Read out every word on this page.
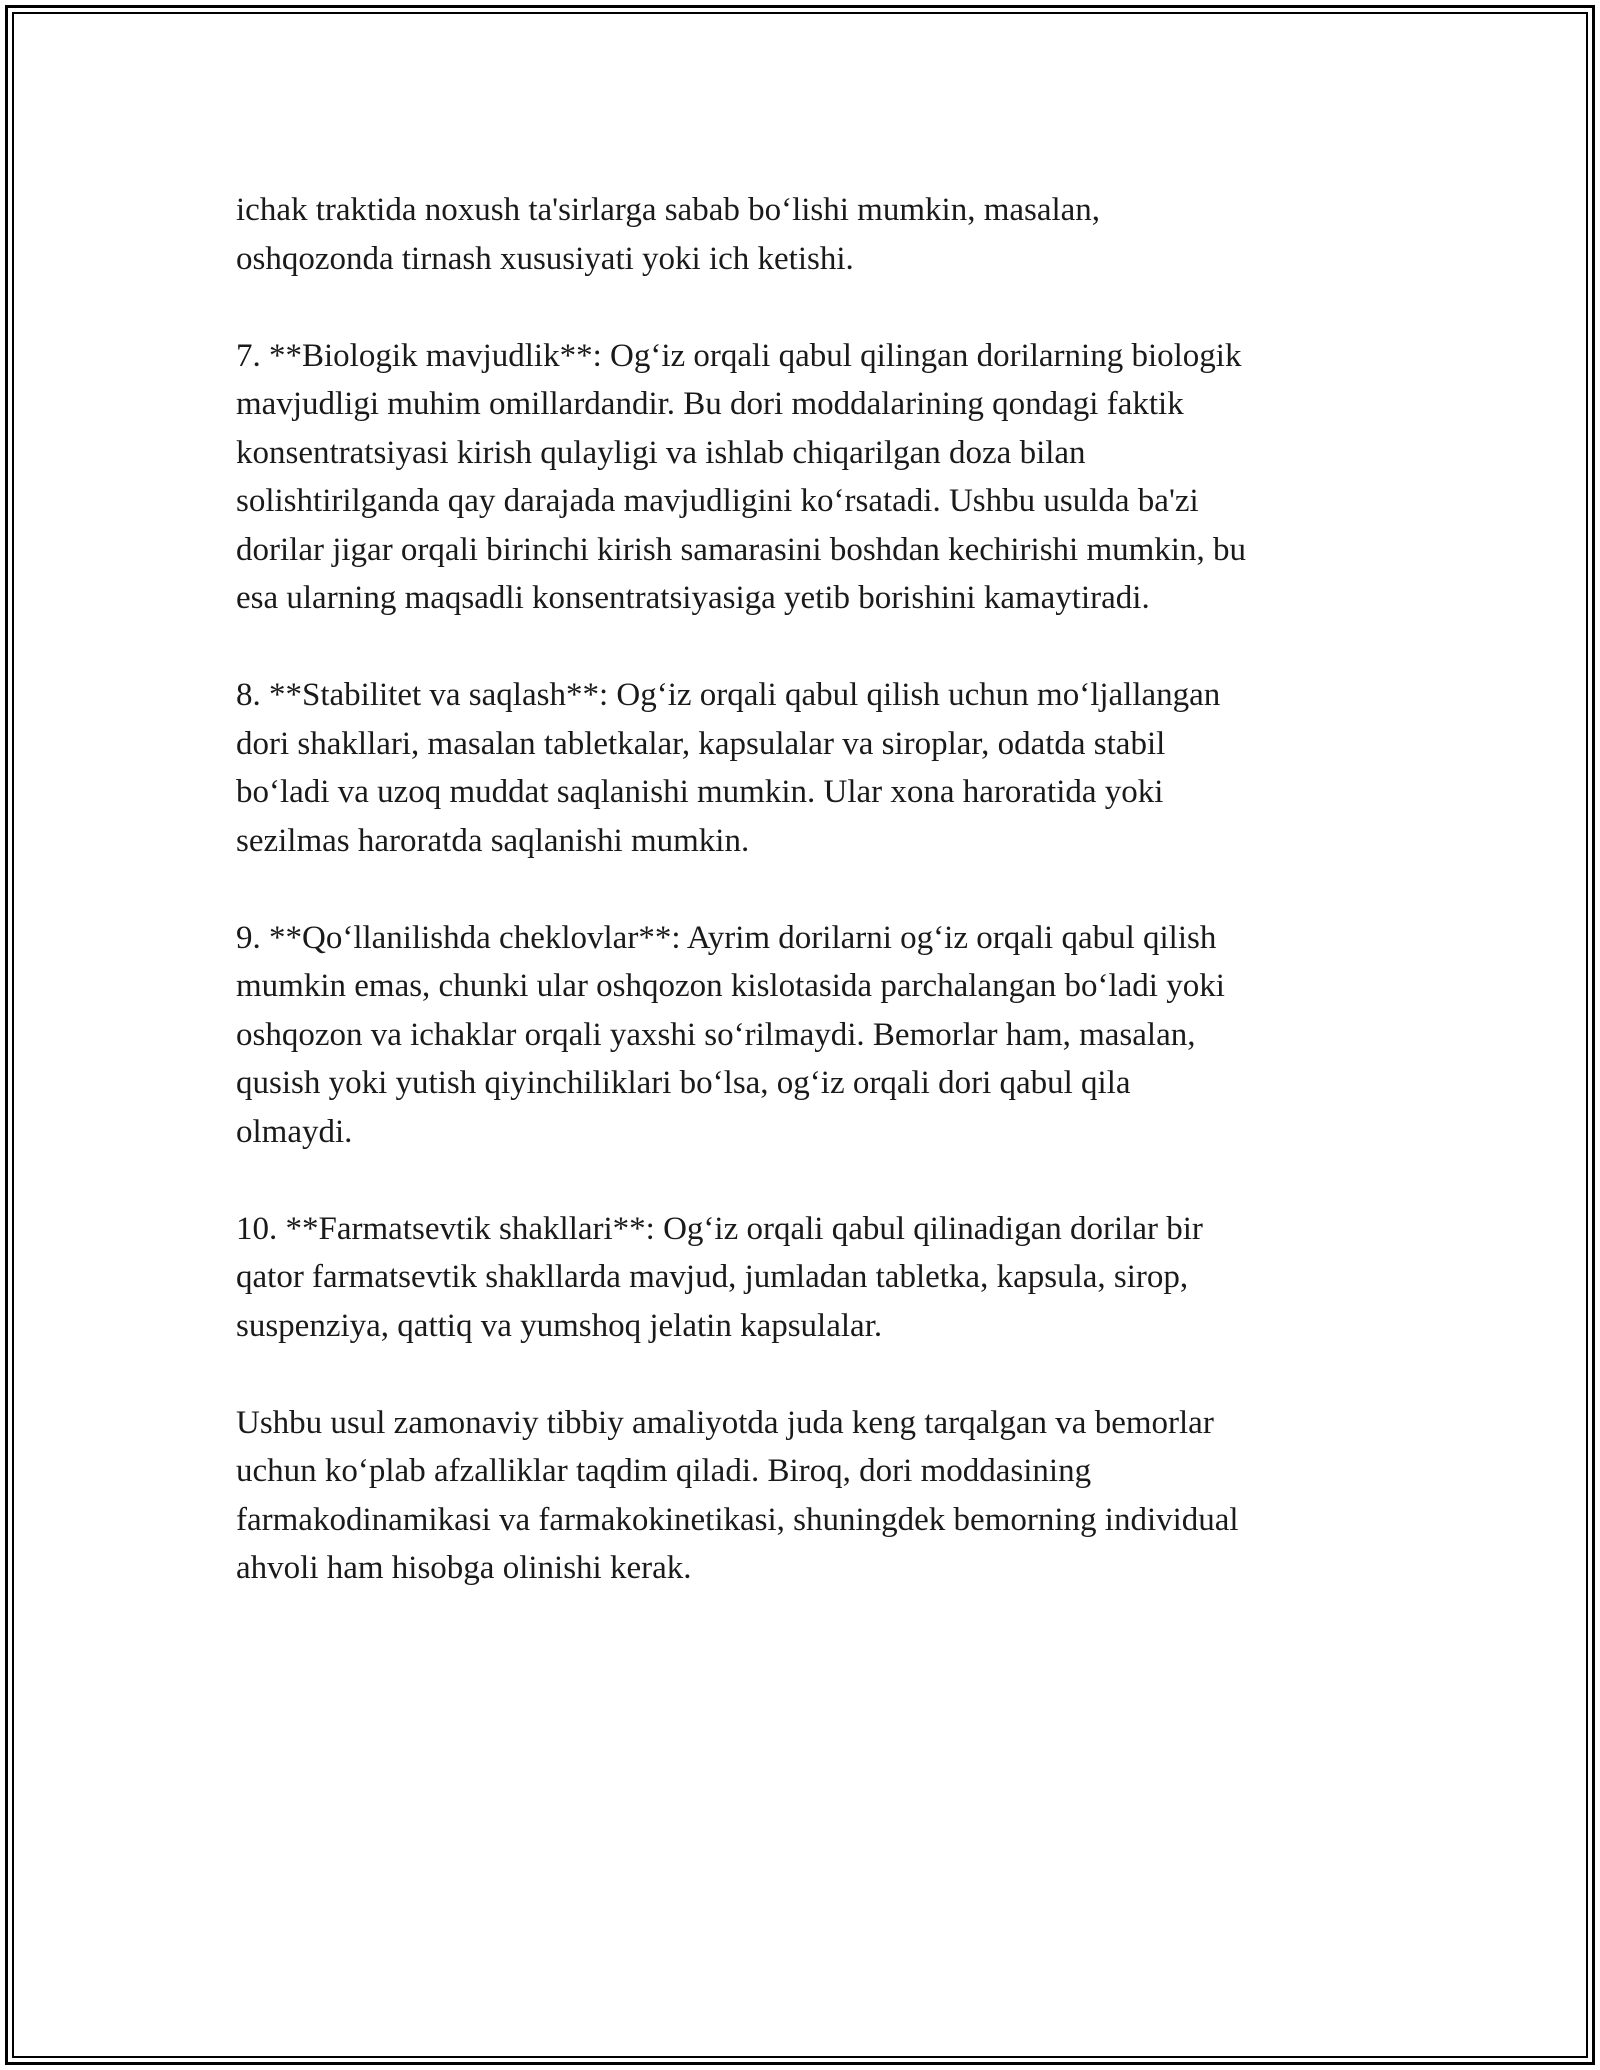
ichak traktida noxush ta'sirlarga sabab bo‘lishi mumkin, masalan,
oshqozonda tirnash xususiyati yoki ich ketishi.

7. **Biologik mavjudlik**: Og‘iz orqali qabul qilingan dorilarning biologik
mavjudligi muhim omillardandir. Bu dori moddalarining qondagi faktik
konsentratsiyasi kirish qulayligi va ishlab chiqarilgan doza bilan
solishtirilganda qay darajada mavjudligini ko‘rsatadi. Ushbu usulda ba'zi
dorilar jigar orqali birinchi kirish samarasini boshdan kechirishi mumkin, bu
esa ularning maqsadli konsentratsiyasiga yetib borishini kamaytiradi.

8. **Stabilitet va saqlash**: Og‘iz orqali qabul qilish uchun mo‘ljallangan
dori shakllari, masalan tabletkalar, kapsulalar va siroplar, odatda stabil
bo‘ladi va uzoq muddat saqlanishi mumkin. Ular xona haroratida yoki
sezilmas haroratda saqlanishi mumkin.

9. **Qo‘llanilishda cheklovlar**: Ayrim dorilarni og‘iz orqali qabul qilish
mumkin emas, chunki ular oshqozon kislotasida parchalangan bo‘ladi yoki
oshqozon va ichaklar orqali yaxshi so‘rilmaydi. Bemorlar ham, masalan,
qusish yoki yutish qiyinchiliklari bo‘lsa, og‘iz orqali dori qabul qila
olmaydi.

10. **Farmatsevtik shakllari**: Og‘iz orqali qabul qilinadigan dorilar bir
qator farmatsevtik shakllarda mavjud, jumladan tabletka, kapsula, sirop,
suspenziya, qattiq va yumshoq jelatin kapsulalar.

Ushbu usul zamonaviy tibbiy amaliyotda juda keng tarqalgan va bemorlar
uchun ko‘plab afzalliklar taqdim qiladi. Biroq, dori moddasining
farmakodinamikasi va farmakokinetikasi, shuningdek bemorning individual
ahvoli ham hisobga olinishi kerak.
